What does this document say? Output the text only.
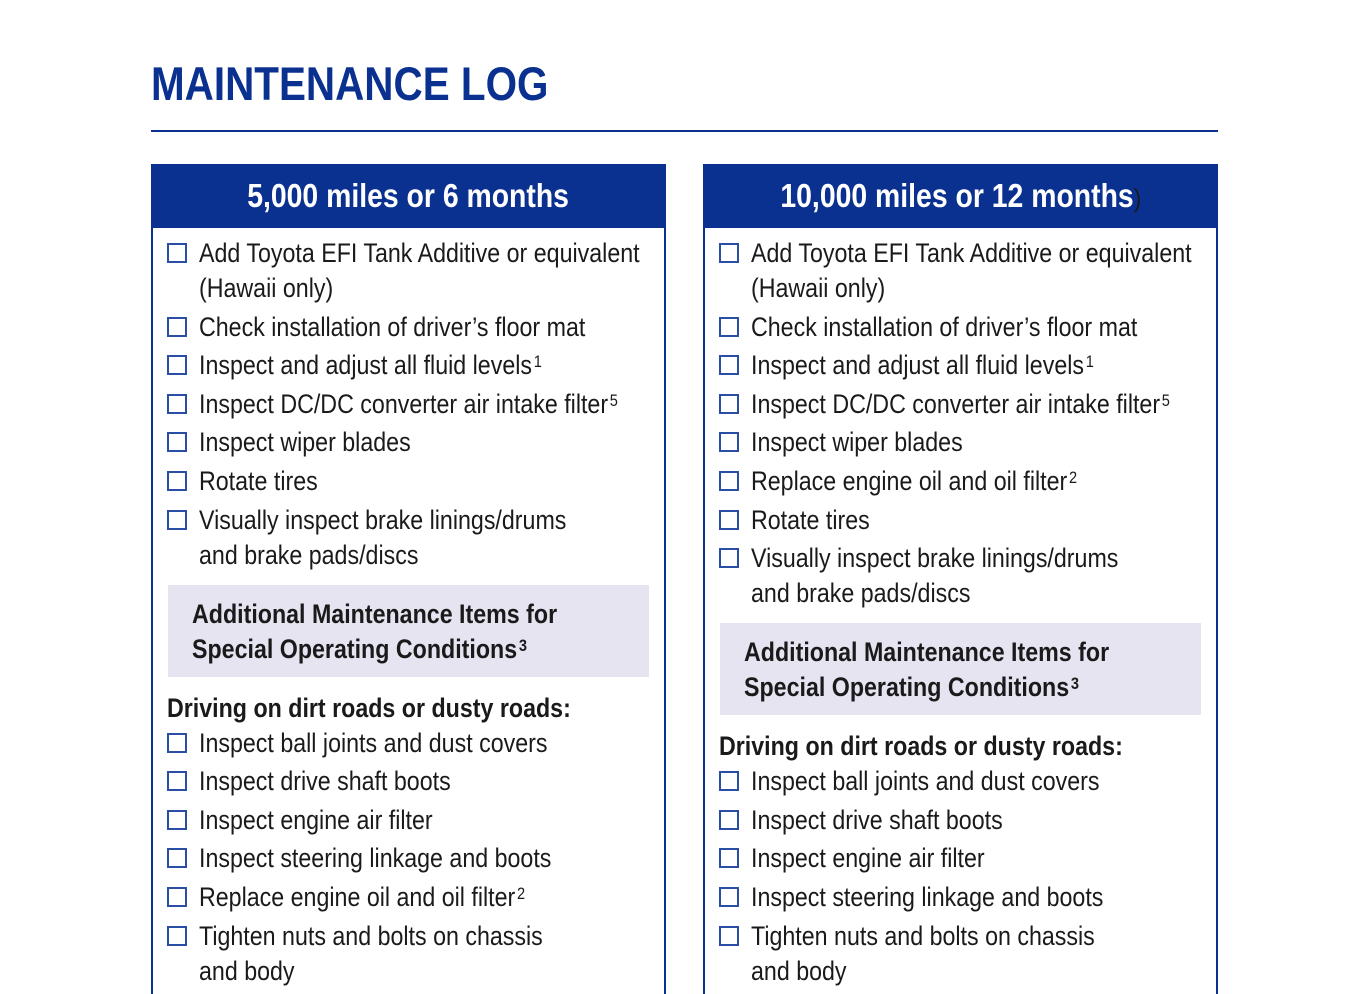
MAINTENANCE LOG
5,000 miles or 6 months
Add Toyota EFI Tank Additive or equivalent
(Hawaii only)
Check installation of driver’s floor mat
Inspect and adjust all fluid levels $^1$
Inspect DC/DC converter air intake filter $^5$
Inspect wiper blades
Rotate tires
Visually inspect brake linings/drums
and brake pads/discs
Additional Maintenance Items for
Special Operating Conditions $^3$
Driving on dirt roads or dusty roads:
Inspect ball joints and dust covers
Inspect drive shaft boots
Inspect engine air filter
Inspect steering linkage and boots
Replace engine oil and oil filter $^2$
Tighten nuts and bolts on chassis
and body
10,000 miles or 12 months)
Add Toyota EFI Tank Additive or equivalent
(Hawaii only)
Check installation of driver’s floor mat
Inspect and adjust all fluid levels $^1$
Inspect DC/DC converter air intake filter $^5$
Inspect wiper blades
Replace engine oil and oil filter $^2$
Rotate tires
Visually inspect brake linings/drums
and brake pads/discs
Additional Maintenance Items for
Special Operating Conditions $^3$
Driving on dirt roads or dusty roads:
Inspect ball joints and dust covers
Inspect drive shaft boots
Inspect engine air filter
Inspect steering linkage and boots
Tighten nuts and bolts on chassis
and body
